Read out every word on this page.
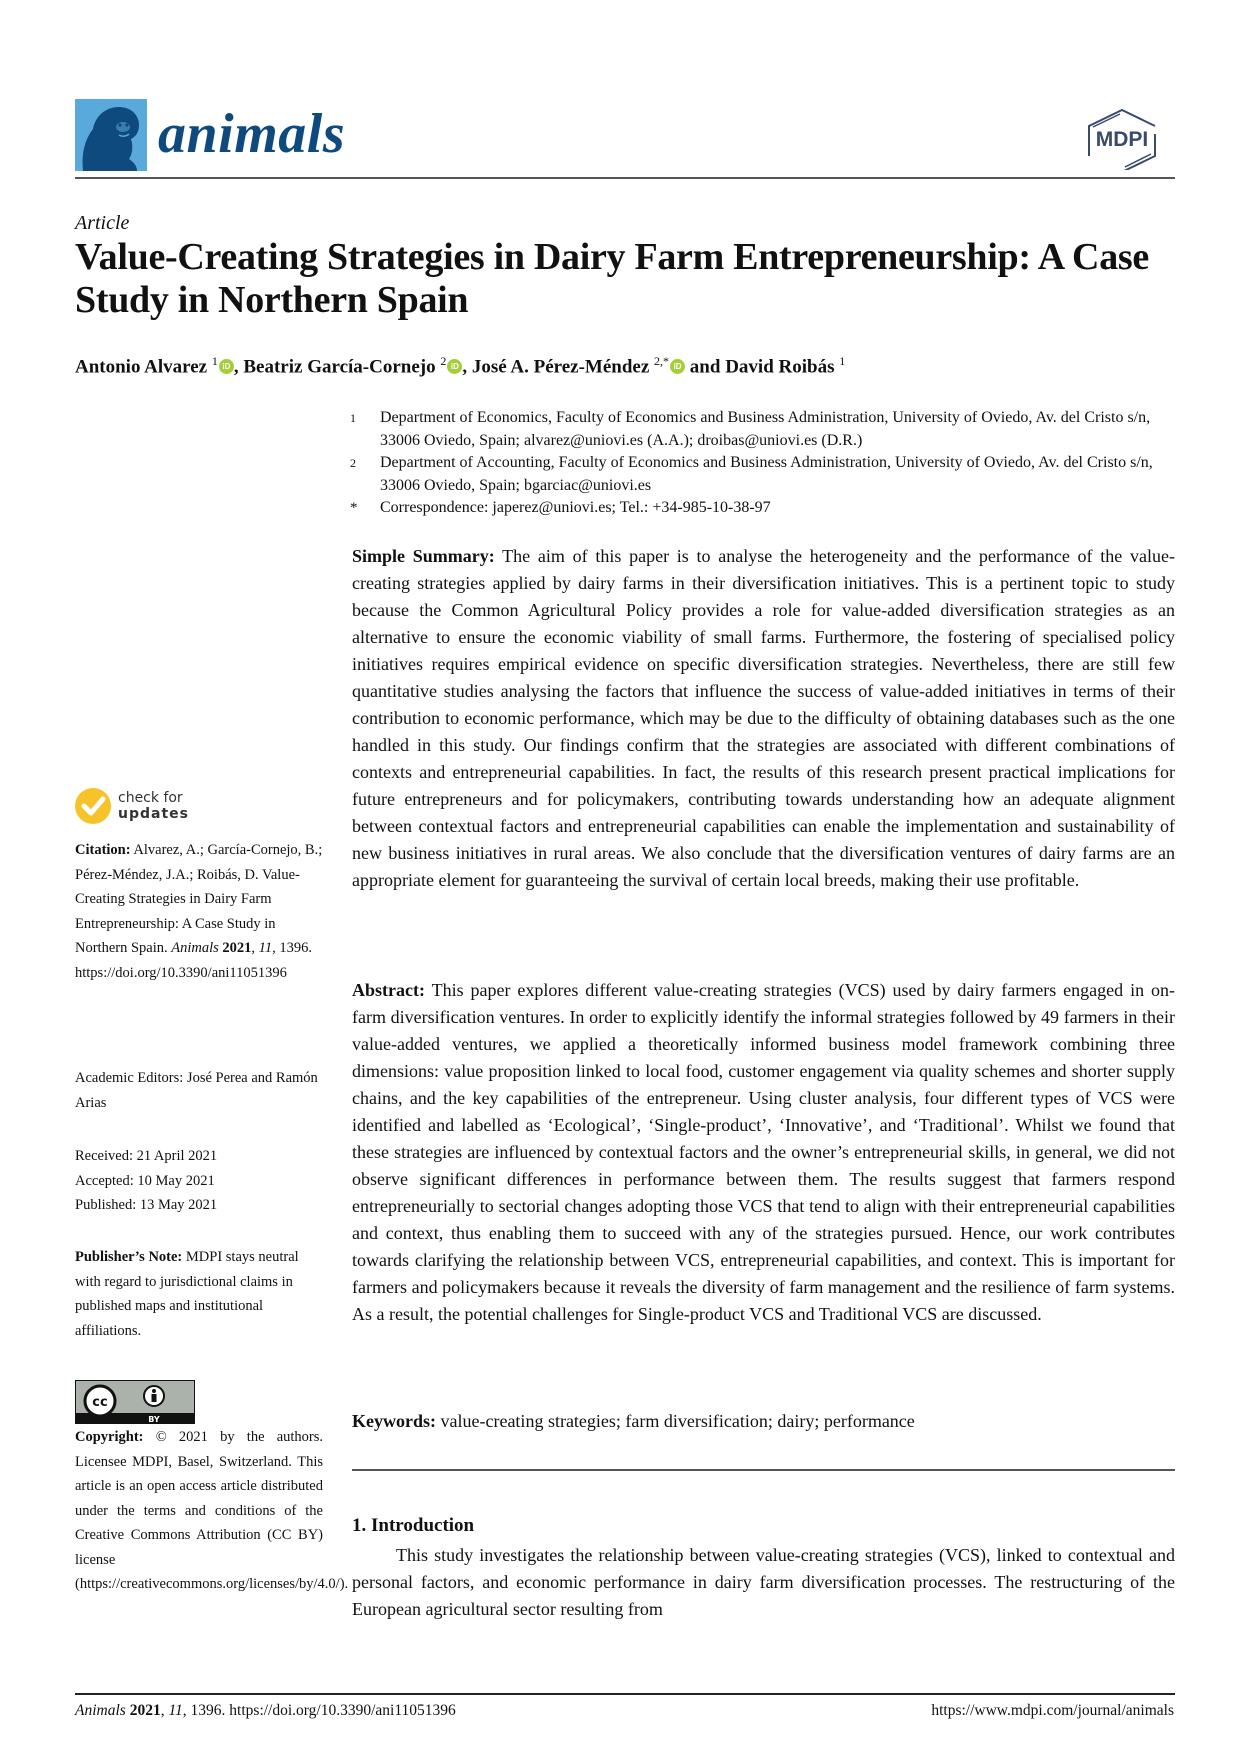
animals	MDPI
Article
Value-Creating Strategies in Dairy Farm Entrepreneurship: A Case Study in Northern Spain
Antonio Alvarez $^1$ iD , Beatriz García-Cornejo $^2$ iD , José A. Pérez-Méndez $^{2,*}$ iD and David Roibás $^1$
1	Department of Economics, Faculty of Economics and Business Administration, University of Oviedo, Av. del Cristo s/n, 33006 Oviedo, Spain; alvarez@uniovi.es (A.A.); droibas@uniovi.es (D.R.)
2	Department of Accounting, Faculty of Economics and Business Administration, University of Oviedo, Av. del Cristo s/n, 33006 Oviedo, Spain; bgarciac@uniovi.es
*	Correspondence: japerez@uniovi.es; Tel.: +34-985-10-38-97
Simple Summary: The aim of this paper is to analyse the heterogeneity and the performance of the value-creating strategies applied by dairy farms in their diversification initiatives. This is a pertinent topic to study because the Common Agricultural Policy provides a role for value-added diversification strategies as an alternative to ensure the economic viability of small farms. Furthermore, the fostering of specialised policy initiatives requires empirical evidence on specific diversification strategies. Nevertheless, there are still few quantitative studies analysing the factors that influence the success of value-added initiatives in terms of their contribution to economic performance, which may be due to the difficulty of obtaining databases such as the one handled in this study. Our findings confirm that the strategies are associated with different combinations of contexts and entrepreneurial capabilities. In fact, the results of this research present practical implications for future entrepreneurs and for policymakers, contributing towards understanding how an adequate alignment between contextual factors and entrepreneurial capabilities can enable the implementation and sustainability of new business initiatives in rural areas. We also conclude that the diversification ventures of dairy farms are an appropriate element for guaranteeing the survival of certain local breeds, making their use profitable.
Abstract: This paper explores different value-creating strategies (VCS) used by dairy farmers engaged in on-farm diversification ventures. In order to explicitly identify the informal strategies followed by 49 farmers in their value-added ventures, we applied a theoretically informed business model framework combining three dimensions: value proposition linked to local food, customer engagement via quality schemes and shorter supply chains, and the key capabilities of the entrepreneur. Using cluster analysis, four different types of VCS were identified and labelled as ‘Ecological’, ‘Single-product’, ‘Innovative’, and ‘Traditional’. Whilst we found that these strategies are influenced by contextual factors and the owner’s entrepreneurial skills, in general, we did not observe significant differences in performance between them. The results suggest that farmers respond entrepreneurially to sectorial changes adopting those VCS that tend to align with their entrepreneurial capabilities and context, thus enabling them to succeed with any of the strategies pursued. Hence, our work contributes towards clarifying the relationship between VCS, entrepreneurial capabilities, and context. This is important for farmers and policymakers because it reveals the diversity of farm management and the resilience of farm systems. As a result, the potential challenges for Single-product VCS and Traditional VCS are discussed.
Keywords: value-creating strategies; farm diversification; dairy; performance
1. Introduction
This study investigates the relationship between value-creating strategies (VCS), linked to contextual and personal factors, and economic performance in dairy farm diversification processes. The restructuring of the European agricultural sector resulting from
check for
updates
Citation: Alvarez, A.; García-Cornejo, B.; Pérez-Méndez, J.A.; Roibás, D. Value-Creating Strategies in Dairy Farm Entrepreneurship: A Case Study in Northern Spain. Animals 2021, 11, 1396. https://doi.org/10.3390/ani11051396
Academic Editors: José Perea and Ramón Arias
Received: 21 April 2021
Accepted: 10 May 2021
Published: 13 May 2021
Publisher’s Note: MDPI stays neutral with regard to jurisdictional claims in published maps and institutional affiliations.
cc
BY
Copyright: © 2021 by the authors. Licensee MDPI, Basel, Switzerland. This article is an open access article distributed under the terms and conditions of the Creative Commons Attribution (CC BY) license (https://creativecommons.org/licenses/by/4.0/).
Animals 2021, 11, 1396. https://doi.org/10.3390/ani11051396	https://www.mdpi.com/journal/animals
